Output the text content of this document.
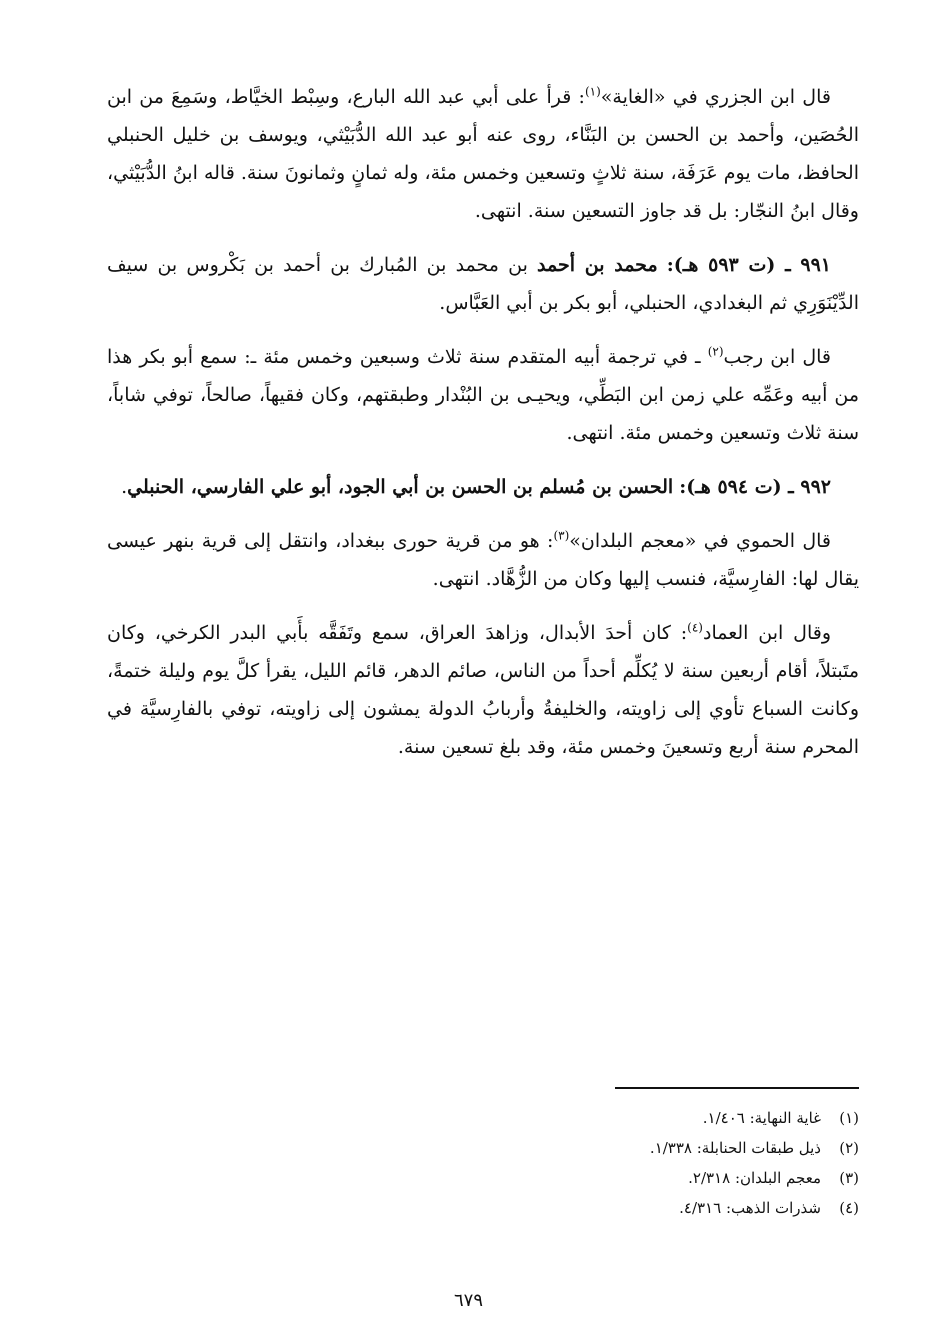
قال ابن الجزري في «الغاية»$^{(١)}$: قرأ على أبي عبد الله البارع، وسِبْط الخيَّاط، وسَمِعَ من ابن الحُصَين، وأحمد بن الحسن بن البَنَّاء، روى عنه أبو عبد الله الدُّبَيْثي، ويوسف بن خليل الحنبلي الحافظ، مات يوم عَرَفَة، سنة ثلاثٍ وتسعين وخمس مئة، وله ثمانٍ وثمانونَ سنة. قاله ابنُ الدُّبَيْثي، وقال ابنُ النجّار: بل قد جاوز التسعين سنة. انتهى.

٩٩١ ـ (ت ٥٩٣ هـ): محمد بن أحمد بن محمد بن المُبارك بن أحمد بن بَكْروس بن سيف الدِّيْنَوَرِي ثم البغدادي، الحنبلي، أبو بكر بن أبي العَبَّاس.

قال ابن رجب$^{(٢)}$ ـ في ترجمة أبيه المتقدم سنة ثلاث وسبعين وخمس مئة ـ: سمع أبو بكر هذا من أبيه وعَمِّه علي زمن ابن البَطِّي، ويحيـى بن البُنْدار وطبقتهم، وكان فقيهاً، صالحاً، توفي شاباً، سنة ثلاث وتسعين وخمس مئة. انتهى.

٩٩٢ ـ (ت ٥٩٤ هـ): الحسن بن مُسلم بن الحسن بن أبي الجود، أبو علي الفارسي، الحنبلي.

قال الحموي في «معجم البلدان»$^{(٣)}$: هو من قرية حورى ببغداد، وانتقل إلى قرية بنهر عيسى يقال لها: الفارِسيَّة، فنسب إليها وكان من الزُّهَّاد. انتهى.

وقال ابن العماد$^{(٤)}$: كان أحدَ الأبدال، وزاهدَ العراق، سمع وتَفَقَّه بأَبي البدر الكرخي، وكان متَبتلاً، أقام أربعين سنة لا يُكلِّم أحداً من الناس، صائم الدهر، قائم الليل، يقرأ كلَّ يوم وليلة ختمةً، وكانت السباع تأوي إلى زاويته، والخليفةُ وأربابُ الدولة يمشون إلى زاويته، توفي بالفارِسيَّة في المحرم سنة أربع وتسعينَ وخمس مئة، وقد بلغ تسعين سنة.

(١)
غاية النهاية: ١/٤٠٦.
(٢)
ذيل طبقات الحنابلة: ١/٣٣٨.
(٣)
معجم البلدان: ٢/٣١٨.
(٤)
شذرات الذهب: ٤/٣١٦.
٦٧٩
